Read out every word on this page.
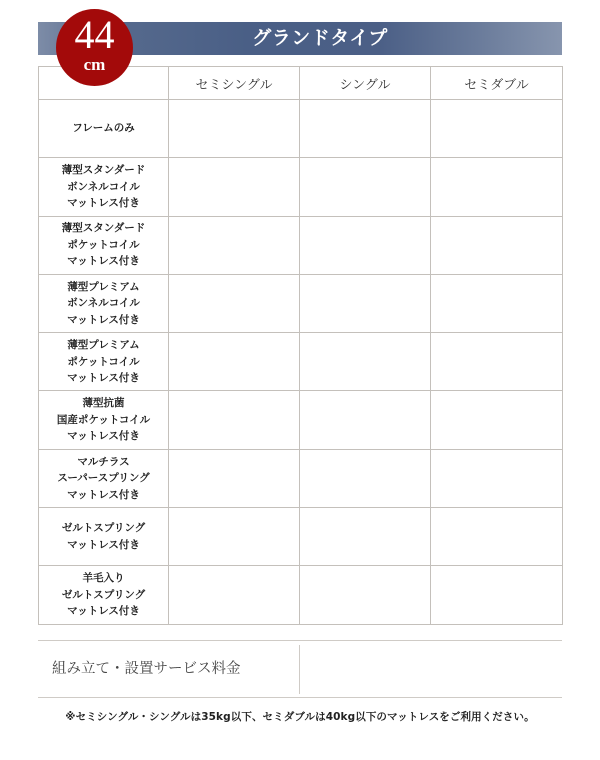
グランドタイプ
44
cm
	セミシングル	シングル	セミダブル

フレームのみ			

薄型スタンダード
ボンネルコイル
マットレス付き			

薄型スタンダード
ポケットコイル
マットレス付き			

薄型プレミアム
ボンネルコイル
マットレス付き			

薄型プレミアム
ポケットコイル
マットレス付き			

薄型抗菌
国産ポケットコイル
マットレス付き			

マルチラス
スーパースプリング
マットレス付き			

ゼルトスプリング
マットレス付き			

羊毛入り
ゼルトスプリング
マットレス付き			

組み立て・設置サービス料金
※セミシングル・シングルは35kg以下、セミダブルは40kg以下のマットレスをご利用ください。
